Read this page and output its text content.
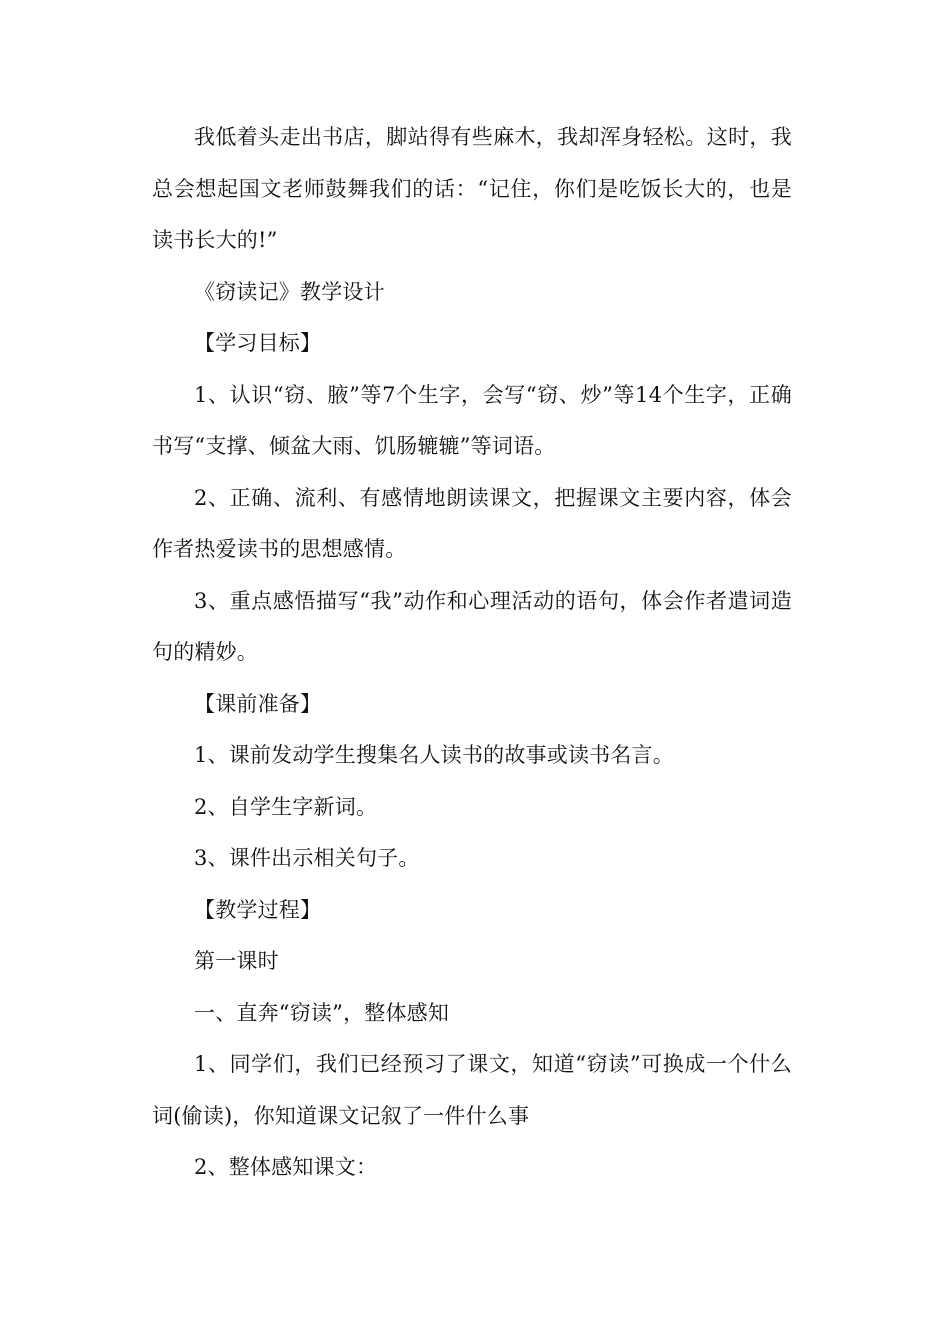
我低着头走出书店，脚站得有些麻木，我却浑身轻松。这时，我总会想起国文老师鼓舞我们的话：“记住，你们是吃饭长大的，也是读书长大的!”

《窃读记》教学设计

【学习目标】

1、认识“窃、腋”等7个生字，会写“窃、炒”等14个生字，正确书写“支撑、倾盆大雨、饥肠辘辘”等词语。

2、正确、流利、有感情地朗读课文，把握课文主要内容，体会作者热爱读书的思想感情。

3、重点感悟描写“我”动作和心理活动的语句，体会作者遣词造句的精妙。

【课前准备】

1、课前发动学生搜集名人读书的故事或读书名言。

2、自学生字新词。

3、课件出示相关句子。

【教学过程】

第一课时

一、直奔“窃读”，整体感知

1、同学们，我们已经预习了课文，知道“窃读”可换成一个什么词(偷读)，你知道课文记叙了一件什么事

2、整体感知课文：
